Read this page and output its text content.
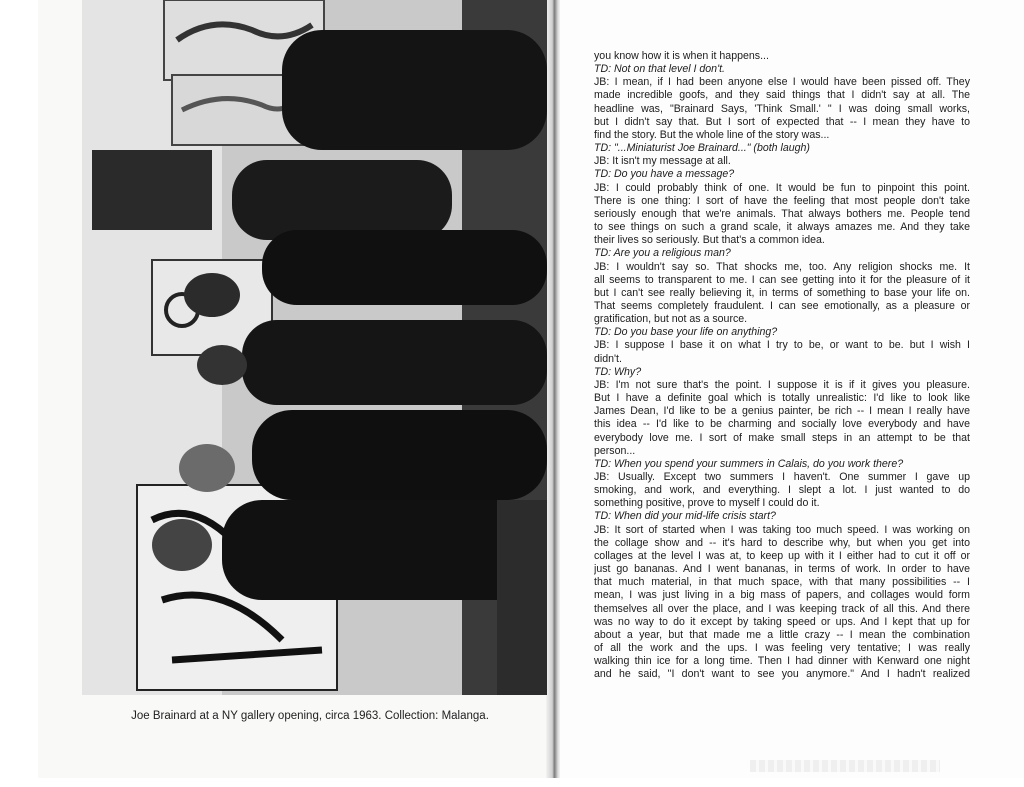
Joe Brainard at a NY gallery opening, circa 1963. Collection: Malanga.
you know how it is when it happens...
TD: Not on that level I don't.
JB: I mean, if I had been anyone else I would have been pissed off. They
made incredible goofs, and they said things that I didn't say at all. The
headline was, "Brainard Says, 'Think Small.' " I was doing small works,
but I didn't say that. But I sort of expected that -- I mean they have to
find the story. But the whole line of the story was...
TD: "...Miniaturist Joe Brainard..." (both laugh)
JB: It isn't my message at all.
TD: Do you have a message?
JB: I could probably think of one. It would be fun to pinpoint this point.
There is one thing: I sort of have the feeling that most people don't take
seriously enough that we're animals. That always bothers me. People tend
to see things on such a grand scale, it always amazes me. And they take
their lives so seriously. But that's a common idea.
TD: Are you a religious man?
JB: I wouldn't say so. That shocks me, too. Any religion shocks me. It
all seems to transparent to me. I can see getting into it for the pleasure of it
but I can't see really believing it, in terms of something to base your life on.
That seems completely fraudulent. I can see emotionally, as a pleasure or
gratification, but not as a source.
TD: Do you base your life on anything?
JB: I suppose I base it on what I try to be, or want to be. but I wish I
didn't.
TD: Why?
JB: I'm not sure that's the point. I suppose it is if it gives you pleasure.
But I have a definite goal which is totally unrealistic: I'd like to look like
James Dean, I'd like to be a genius painter, be rich -- I mean I really have
this idea -- I'd like to be charming and socially love everybody and have
everybody love me. I sort of make small steps in an attempt to be that
person...
TD: When you spend your summers in Calais, do you work there?
JB: Usually. Except two summers I haven't. One summer I gave up
smoking, and work, and everything. I slept a lot. I just wanted to do
something positive, prove to myself I could do it.
TD: When did your mid-life crisis start?
JB: It sort of started when I was taking too much speed. I was working on
the collage show and -- it's hard to describe why, but when you get into
collages at the level I was at, to keep up with it I either had to cut it off or
just go bananas. And I went bananas, in terms of work. In order to have
that much material, in that much space, with that many possibilities -- I
mean, I was just living in a big mass of papers, and collages would form
themselves all over the place, and I was keeping track of all this. And there
was no way to do it except by taking speed or ups. And I kept that up for
about a year, but that made me a little crazy -- I mean the combination
of all the work and the ups. I was feeling very tentative; I was really
walking thin ice for a long time. Then I had dinner with Kenward one night
and he said, "I don't want to see you anymore." And I hadn't realized
